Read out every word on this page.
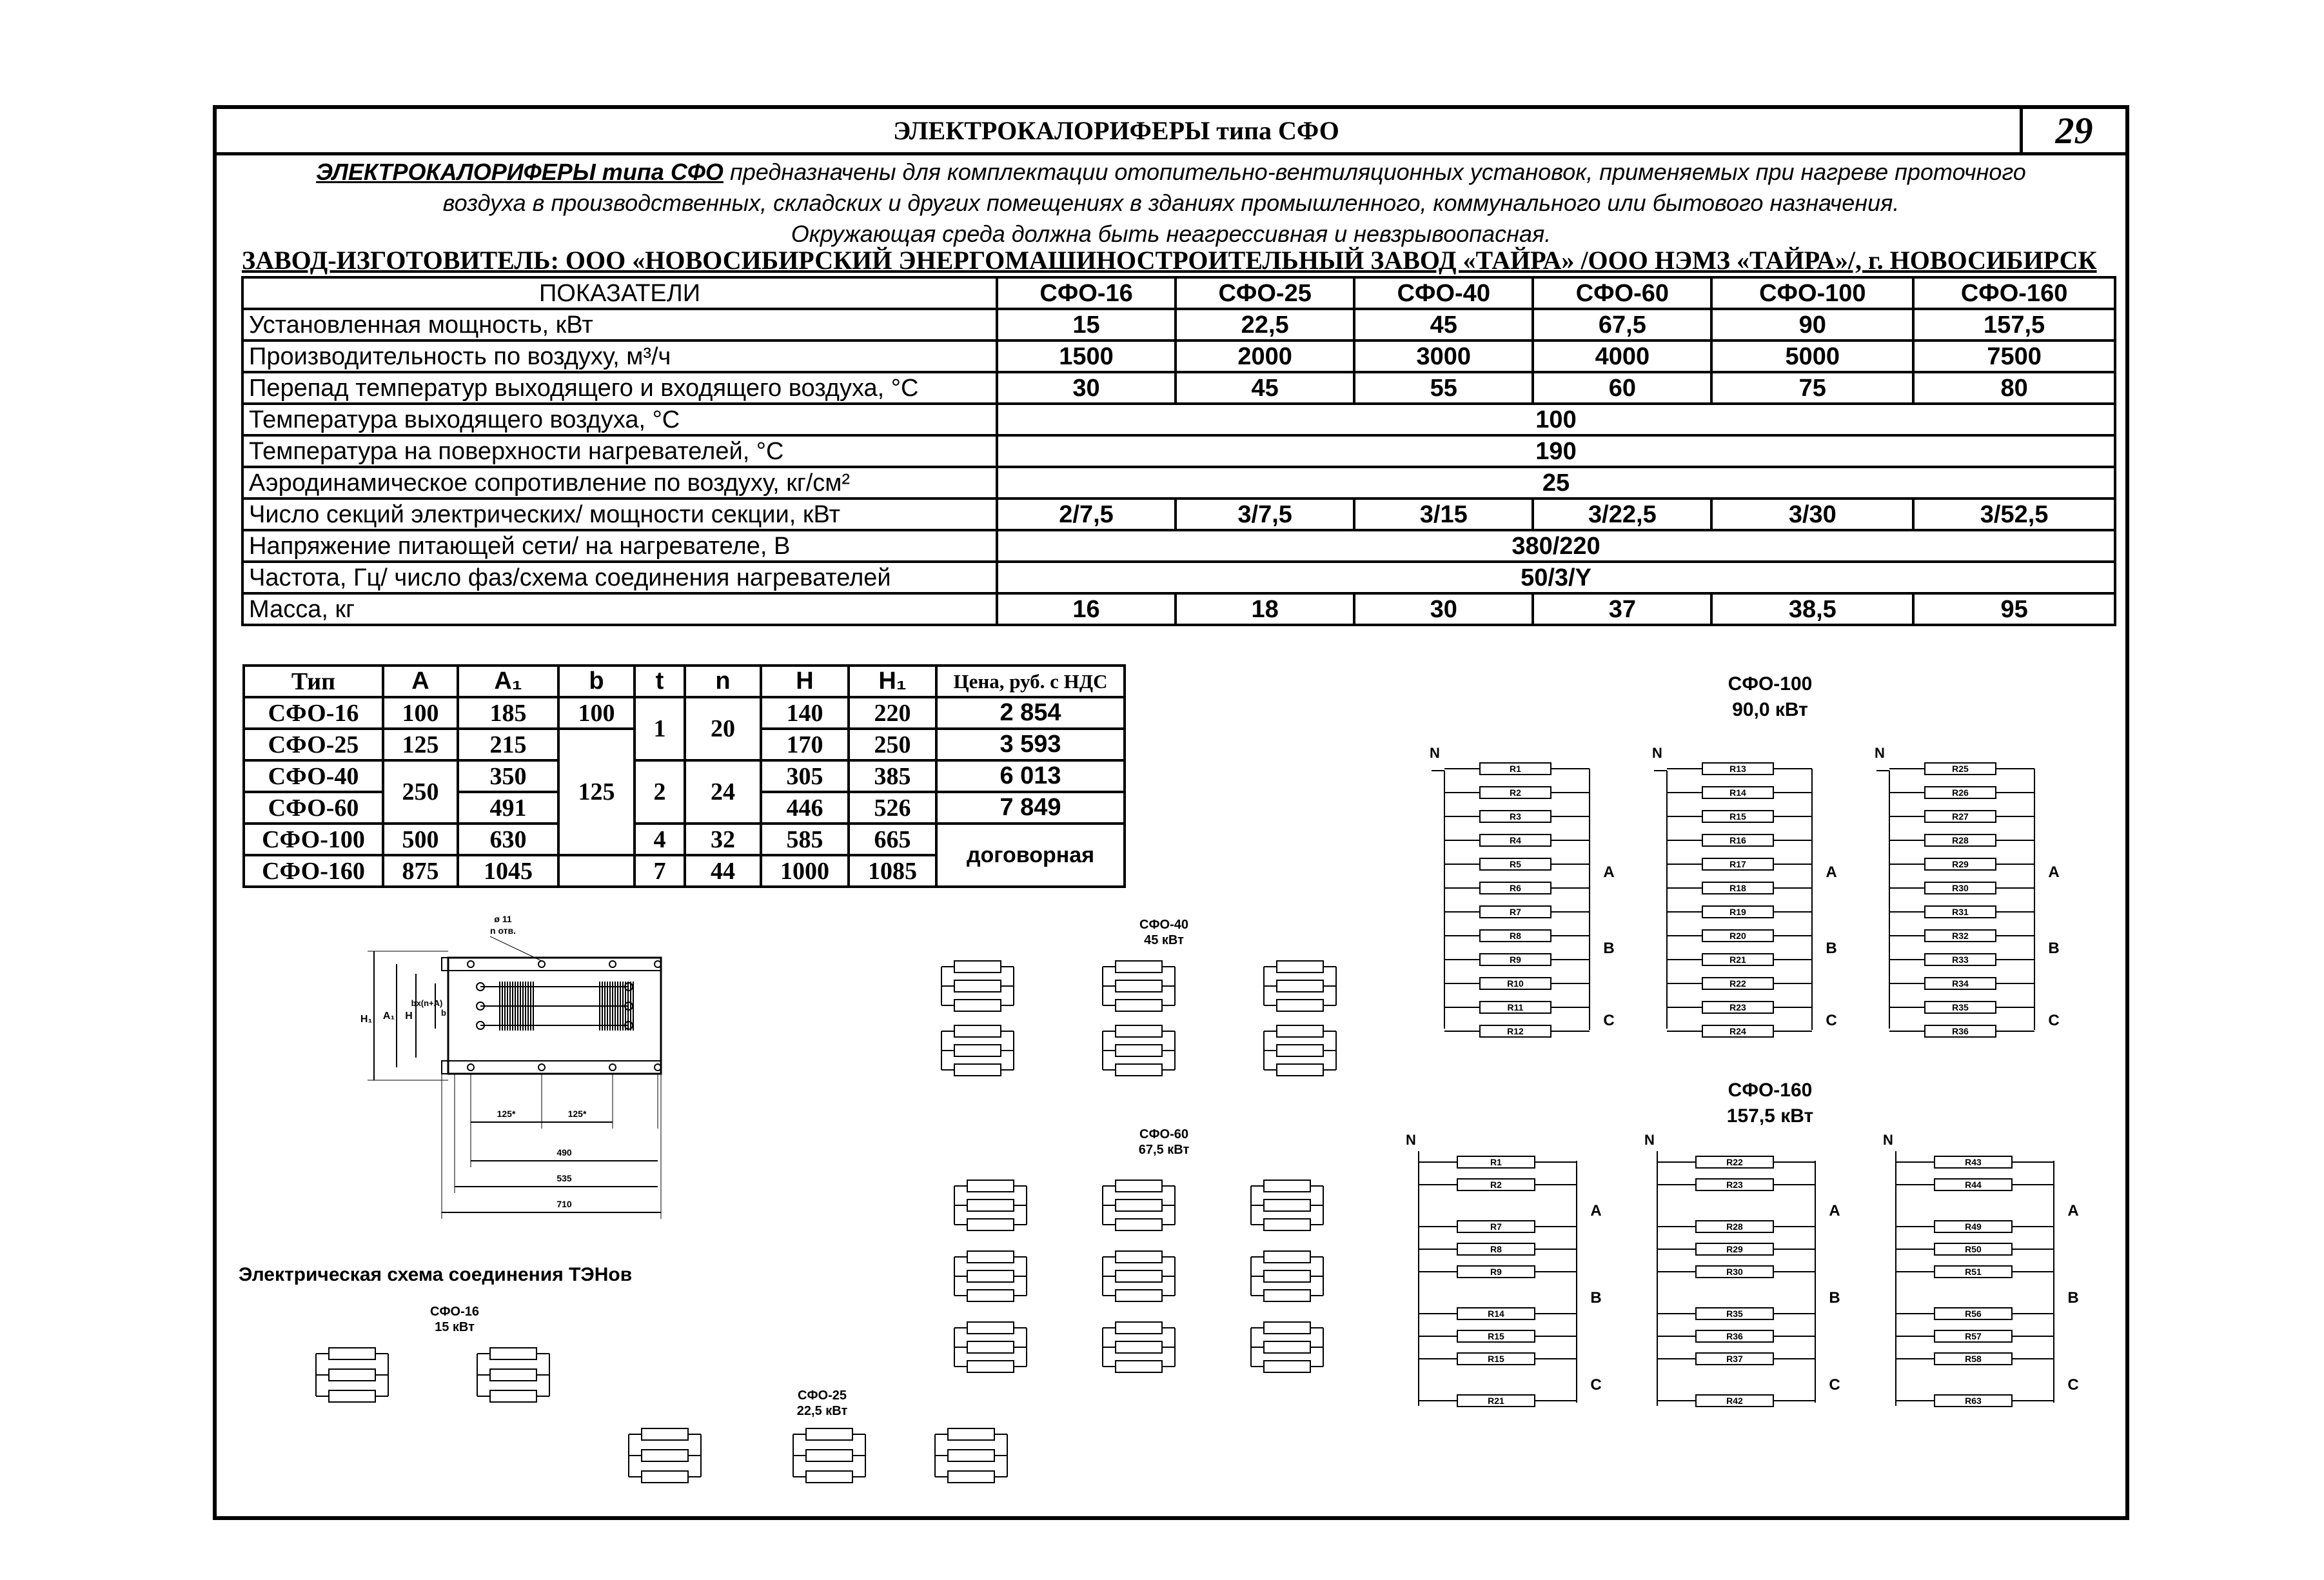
ЭЛЕКТРОКАЛОРИФЕРЫ типа СФО	29
ЭЛЕКТРОКАЛОРИФЕРЫ типа СФО предназначены для комплектации отопительно-вентиляционных установок, применяемых при нагреве проточного
воздуха в производственных, складских и других помещениях в зданиях промышленного, коммунального или бытового назначения.
Окружающая среда должна быть неагрессивная и невзрывоопасная.
ЗАВОД-ИЗГОТОВИТЕЛЬ: ООО «НОВОСИБИРСКИЙ ЭНЕРГОМАШИНОСТРОИТЕЛЬНЫЙ ЗАВОД «ТАЙРА» /ООО НЭМЗ «ТАЙРА»/, г. НОВОСИБИРСК
ПОКАЗАТЕЛИ	СФО-16	СФО-25	СФО-40	СФО-60	СФО-100	СФО-160
Установленная мощность, кВт	15	22,5	45	67,5	90	157,5
Производительность по воздуху, м³/ч	1500	2000	3000	4000	5000	7500
Перепад температур выходящего и входящего воздуха, °С	30	45	55	60	75	80
Температура выходящего воздуха, °С	100					
Температура на поверхности нагревателей, °С	190					
Аэродинамическое сопротивление по воздуху, кг/см²	25					
Число секций электрических/ мощности секции, кВт	2/7,5	3/7,5	3/15	3/22,5	3/30	3/52,5
Напряжение питающей сети/ на нагревателе, В	380/220					
Частота, Гц/ число фаз/схема соединения нагревателей	50/3/Y					
Масса, кг	16	18	30	37	38,5	95
Тип	A	A₁	b	t	n	H	H₁	Цена, руб. с НДС
СФО-16	100	185	100	1	20	140	220	2 854
СФО-25	125	215	125			170	250	3 593
СФО-40	250	350		2	24	305	385	6 013
СФО-60		491				446	526	7 849
СФО-100	500	630		4	32	585	665	договорная
СФО-160	875	1045		7	44	1000	1085	
H₁ A₁ H
bx(n+A)
b
ø 11
n отв.
125*	125*
490
535
710
Электрическая схема соединения ТЭНов
СФО-16
15 кВт
СФО-25
22,5 кВт
СФО-40
45 кВт
СФО-60
67,5 кВт
СФО-100
90,0 кВт
N
R1
R2
R3
R4
R5
R6
R7
R8
R9
R10
R11
R12
A
B
C
N
R13
R14
R15
R16
R17
R18
R19
R20
R21
R22
R23
R24
A
B
C
N
R25
R26
R27
R28
R29
R30
R31
R32
R33
R34
R35
R36
A
B
C
СФО-160
157,5 кВт
N
R1
R2
R7
R8
R9
R14
R15
R15
R21
A
B
C
N
R22
R23
R28
R29
R30
R35
R36
R37
R42
A
B
C
N
R43
R44
R49
R50
R51
R56
R57
R58
R63
A
B
C
